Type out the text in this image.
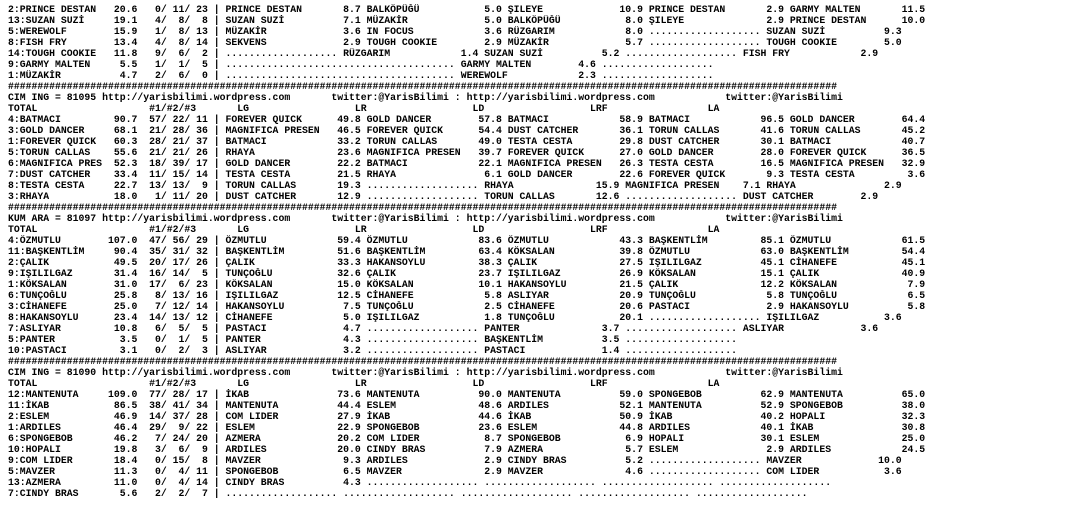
2:PRINCE DESTAN   20.6   0/ 11/ 23 | PRINCE DESTAN       8.7 BALKÖPÜĞÜ           5.0 ŞILEYE             10.9 PRINCE DESTAN       2.9 GARMY MALTEN       11.5
13:SUZAN SUZİ     19.1   4/  8/  8 | SUZAN SUZİ          7.1 MÜZAKİR             5.0 BALKÖPÜĞÜ           8.0 ŞILEYE              2.9 PRINCE DESTAN      10.0
5:WEREWOLF        15.9   1/  8/ 13 | MÜZAKİR             3.6 IN FOCUS            3.6 RÜZGARIM            8.0 ................... SUZAN SUZİ          9.3
8:FISH FRY        13.4   4/  8/ 14 | SEKVENS             2.9 TOUGH COOKIE        2.9 MÜZAKİR             5.7 ................... TOUGH COOKIE        5.0
14:TOUGH COOKIE   11.8   9/  6/  2 | ................... RÜZGARIM            1.4 SUZAN SUZİ          5.2 ................... FISH FRY            2.9
9:GARMY MALTEN     5.5   1/  1/  5 | ....................................... GARMY MALTEN        4.6 ...................
1:MÜZAKİR          4.7   2/  6/  0 | ....................................... WEREWOLF            2.3 ...................
#############################################################################################################################################
CIM ING = 81095 http://yarisbilimi.wordpress.com       twitter:@YarisBilimi : http://yarisbilimi.wordpress.com            twitter:@YarisBilimi
TOTAL                   #1/#2/#3       LG                  LR                  LD                  LRF                 LA
4:BATMACI         90.7  57/ 22/ 11 | FOREVER QUICK      49.8 GOLD DANCER        57.8 BATMACI            58.9 BATMACI            96.5 GOLD DANCER        64.4
3:GOLD DANCER     68.1  21/ 28/ 36 | MAGNIFICA PRESEN   46.5 FOREVER QUICK      54.4 DUST CATCHER       36.1 TORUN CALLAS       41.6 TORUN CALLAS       45.2
1:FOREVER QUICK   60.3  28/ 21/ 37 | BATMACI            33.2 TORUN CALLAS       49.0 TESTA CESTA        29.8 DUST CATCHER       30.1 BATMACI            40.7
5:TORUN CALLAS    55.6  21/ 21/ 26 | RHAYA              23.6 MAGNIFICA PRESEN   39.7 FOREVER QUICK      27.0 GOLD DANCER        28.0 FOREVER QUICK      36.5
6:MAGNIFICA PRES  52.3  18/ 39/ 17 | GOLD DANCER        22.2 BATMACI            22.1 MAGNIFICA PRESEN   26.3 TESTA CESTA        16.5 MAGNIFICA PRESEN   32.9
7:DUST CATCHER    33.4  11/ 15/ 14 | TESTA CESTA        21.5 RHAYA               6.1 GOLD DANCER        22.6 FOREVER QUICK       9.3 TESTA CESTA         3.6
8:TESTA CESTA     22.7  13/ 13/  9 | TORUN CALLAS       19.3 ................... RHAYA              15.9 MAGNIFICA PRESEN    7.1 RHAYA               2.9
3:RHAYA           18.0   1/ 11/ 20 | DUST CATCHER       12.9 ................... TORUN CALLAS       12.6 ................... DUST CATCHER        2.9
#############################################################################################################################################
KUM ARA = 81097 http://yarisbilimi.wordpress.com       twitter:@YarisBilimi : http://yarisbilimi.wordpress.com            twitter:@YarisBilimi
TOTAL                   #1/#2/#3       LG                  LR                  LD                  LRF                 LA
4:ÖZMUTLU        107.0  47/ 56/ 29 | ÖZMUTLU            59.4 ÖZMUTLU            83.6 ÖZMUTLU            43.3 BAŞKENTLİM         85.1 ÖZMUTLU            61.5
11:BAŞKENTLİM     90.4  35/ 31/ 32 | BAŞKENTLİM         51.6 BAŞKENTLİM         63.4 KÖKSALAN           39.8 ÖZMUTLU            63.0 BAŞKENTLİM         54.4
2:ÇALIK           49.5  20/ 17/ 26 | ÇALIK              33.3 HAKANSOYLU         38.3 ÇALIK              27.5 IŞILILGAZ          45.1 CİHANEFE           45.1
9:IŞILILGAZ       31.4  16/ 14/  5 | TUNÇOĞLU           32.6 ÇALIK              23.7 IŞILILGAZ          26.9 KÖKSALAN           15.1 ÇALIK              40.9
1:KÖKSALAN        31.0  17/  6/ 23 | KÖKSALAN           15.0 KÖKSALAN           10.1 HAKANSOYLU         21.5 ÇALIK              12.2 KÖKSALAN            7.9
6:TUNÇOĞLU        25.8   8/ 13/ 16 | IŞILILGAZ          12.5 CİHANEFE            5.8 ASLIYAR            20.9 TUNÇOĞLU            5.8 TUNÇOĞLU            6.5
3:CİHANEFE        25.0   7/ 12/ 14 | HAKANSOYLU          7.5 TUNÇOĞLU            2.5 CİHANEFE           20.6 PASTACI             2.9 HAKANSOYLU          5.8
8:HAKANSOYLU      23.4  14/ 13/ 12 | CİHANEFE            5.0 IŞILILGAZ           1.8 TUNÇOĞLU           20.1 ................... IŞILILGAZ           3.6
7:ASLIYAR         10.8   6/  5/  5 | PASTACI             4.7 ................... PANTER              3.7 ................... ASLIYAR             3.6
5:PANTER           3.5   0/  1/  5 | PANTER              4.3 ................... BAŞKENTLİM          3.5 ...................
10:PASTACI         3.1   0/  2/  3 | ASLIYAR             3.2 ................... PASTACI             1.4 ...................
#############################################################################################################################################
CIM ING = 81090 http://yarisbilimi.wordpress.com       twitter:@YarisBilimi : http://yarisbilimi.wordpress.com            twitter:@YarisBilimi
TOTAL                   #1/#2/#3       LG                  LR                  LD                  LRF                 LA
12:MANTENUTA     109.0  77/ 28/ 17 | İKAB               73.6 MANTENUTA          90.0 MANTENUTA          59.0 SPONGEBOB          62.9 MANTENUTA          65.0
11:İKAB           86.5  38/ 41/ 34 | MANTENUTA          44.4 ESLEM              48.6 ARDILES            52.1 MANTENUTA          52.9 SPONGEBOB          38.0
2:ESLEM           46.9  14/ 37/ 28 | COM LIDER          27.9 İKAB               44.6 İKAB               50.9 İKAB               40.2 HOPALI             32.3
1:ARDILES         46.4  29/  9/ 22 | ESLEM              22.9 SPONGEBOB          23.6 ESLEM              44.8 ARDILES            40.1 İKAB               30.8
6:SPONGEBOB       46.2   7/ 24/ 20 | AZMERA             20.2 COM LIDER           8.7 SPONGEBOB           6.9 HOPALI             30.1 ESLEM              25.0
10:HOPALI         19.8   3/  6/  9 | ARDILES            20.0 CINDY BRAS          7.9 AZMERA              5.7 ESLEM               2.9 ARDILES            24.5
9:COM LIDER       18.4   0/ 15/  8 | MAVZER              9.3 ARDILES             2.9 CINDY BRAS          5.2 ................... MAVZER             10.0
5:MAVZER          11.3   0/  4/ 11 | SPONGEBOB           6.5 MAVZER              2.9 MAVZER              4.6 ................... COM LIDER           3.6
13:AZMERA         11.0   0/  4/ 14 | CINDY BRAS          4.3 ................... ................... ................... ...................
7:CINDY BRAS       5.6   2/  2/  7 | ................... ................... ................... ................... ...................
